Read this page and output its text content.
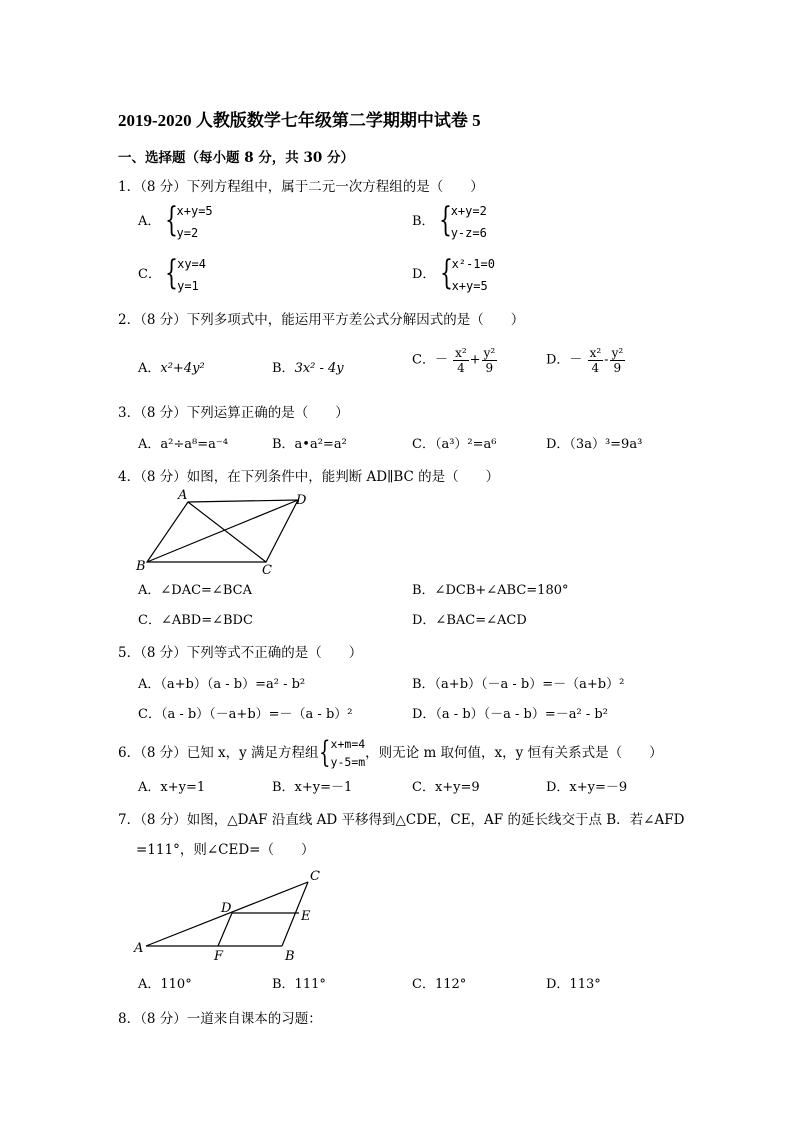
2019-2020 人教版数学七年级第二学期期中试卷 5
一、选择题（每小题 8 分，共 30 分）
1．（8 分）下列方程组中，属于二元一次方程组的是（　　）
A． { x+y=5
y=2
B． { x+y=2
y-z=6
C． { xy=4
y=1
D． { x²-1=0
x+y=5
2．（8 分）下列多项式中，能运用平方差公式分解因式的是（　　）
A．x²+4y²	B．3x² - 4y
C．－ $\frac{\text{x²}}{4} + \frac{\text{y²}}{9}$	D．－ $\frac{\text{x²}}{4} - \frac{\text{y²}}{9}$
3．（8 分）下列运算正确的是（　　）
A．a²÷a⁸=a⁻⁴	B．a•a²=a²	C．（a³）²=a⁶	D．（3a）³=9a³
4．（8 分）如图，在下列条件中，能判断 AD∥BC 的是（　　）
A	D
B	C
A．∠DAC=∠BCA	B．∠DCB+∠ABC=180°
C．∠ABD=∠BDC	D．∠BAC=∠ACD
5．（8 分）下列等式不正确的是（　　）
A．（a+b）（a - b）=a² - b²	B．（a+b）（－a - b）=－（a+b）²
C．（a - b）（－a+b）=－（a - b）²	D．（a - b）（－a - b）=－a² - b²
6．（8 分）已知 x，y 满足方程组 { x+m=4
y-5=m
，则无论 m 取何值，x，y 恒有关系式是（　　）
A．x+y=1	B．x+y=－1	C．x+y=9	D．x+y=－9
7．（8 分）如图，△DAF 沿直线 AD 平移得到△CDE，CE，AF 的延长线交于点 B．若∠AFD
=111°，则∠CED=（　　）
A
B
C
D
E
F
A．110°	B．111°	C．112°	D．113°
8．（8 分）一道来自课本的习题：
